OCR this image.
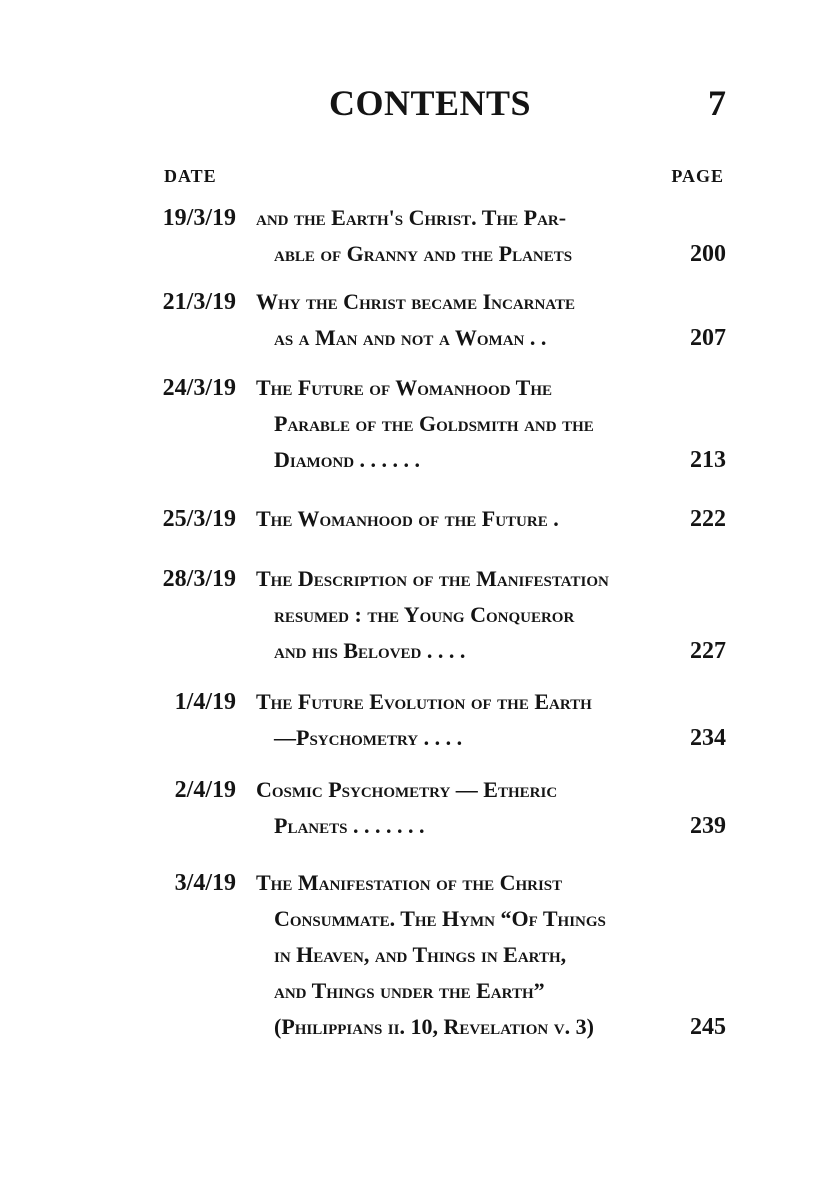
CONTENTS	7
DATE	PAGE
19/3/19 and the Earth's Christ. The Par-
able of Granny and the Planets	200
21/3/19 Why the Christ became Incarnate
as a Man and not a Woman . .	207
24/3/19 The Future of Womanhood The
Parable of the Goldsmith and the
Diamond . . . . . .	213
25/3/19 The Womanhood of the Future .	222
28/3/19 The Description of the Manifestation
resumed : the Young Conqueror
and his Beloved . . . .	227
1/4/19 The Future Evolution of the Earth
—Psychometry . . . .	234
2/4/19 Cosmic Psychometry — Etheric
Planets . . . . . . .	239
3/4/19 The Manifestation of the Christ
Consummate. The Hymn “Of Things
in Heaven, and Things in Earth,
and Things under the Earth”
(Philippians ii. 10, Revelation v. 3)	245
